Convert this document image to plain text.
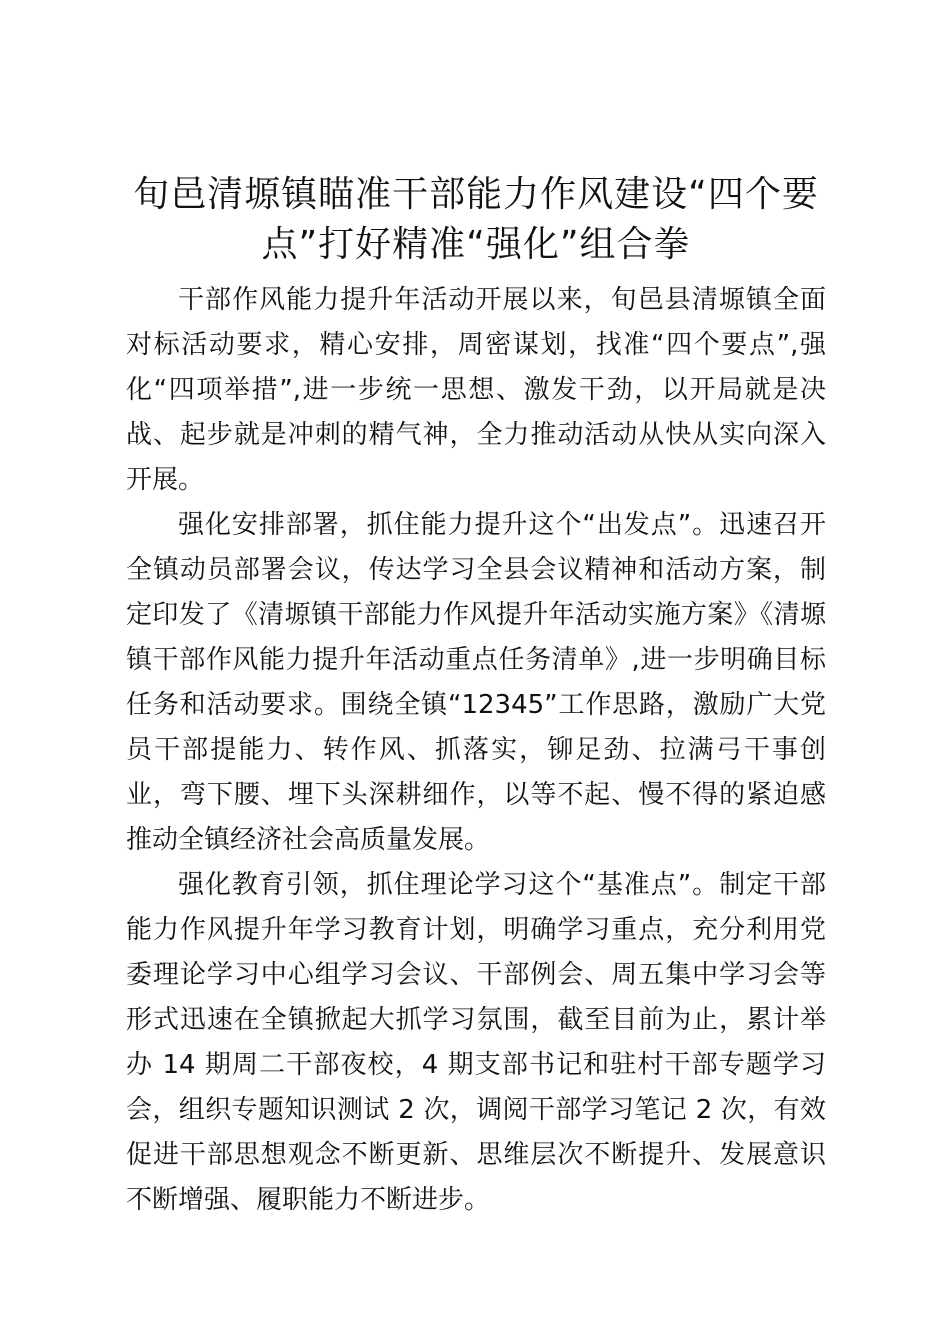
旬邑清塬镇瞄准干部能力作风建设“四个要点”打好精准“强化”组合拳

干部作风能力提升年活动开展以来，旬邑县清塬镇全面对标活动要求，精心安排，周密谋划，找准“四个要点”,强化“四项举措”,进一步统一思想、激发干劲，以开局就是决战、起步就是冲刺的精气神，全力推动活动从快从实向深入开展。

强化安排部署，抓住能力提升这个“出发点”。迅速召开全镇动员部署会议，传达学习全县会议精神和活动方案，制定印发了《清塬镇干部能力作风提升年活动实施方案》《清塬镇干部作风能力提升年活动重点任务清单》,进一步明确目标任务和活动要求。围绕全镇“12345”工作思路，激励广大党员干部提能力、转作风、抓落实，铆足劲、拉满弓干事创业，弯下腰、埋下头深耕细作，以等不起、慢不得的紧迫感推动全镇经济社会高质量发展。

强化教育引领，抓住理论学习这个“基准点”。制定干部能力作风提升年学习教育计划，明确学习重点，充分利用党委理论学习中心组学习会议、干部例会、周五集中学习会等形式迅速在全镇掀起大抓学习氛围，截至目前为止，累计举办 14 期周二干部夜校，4 期支部书记和驻村干部专题学习会，组织专题知识测试 2 次，调阅干部学习笔记 2 次，有效促进干部思想观念不断更新、思维层次不断提升、发展意识不断增强、履职能力不断进步。
